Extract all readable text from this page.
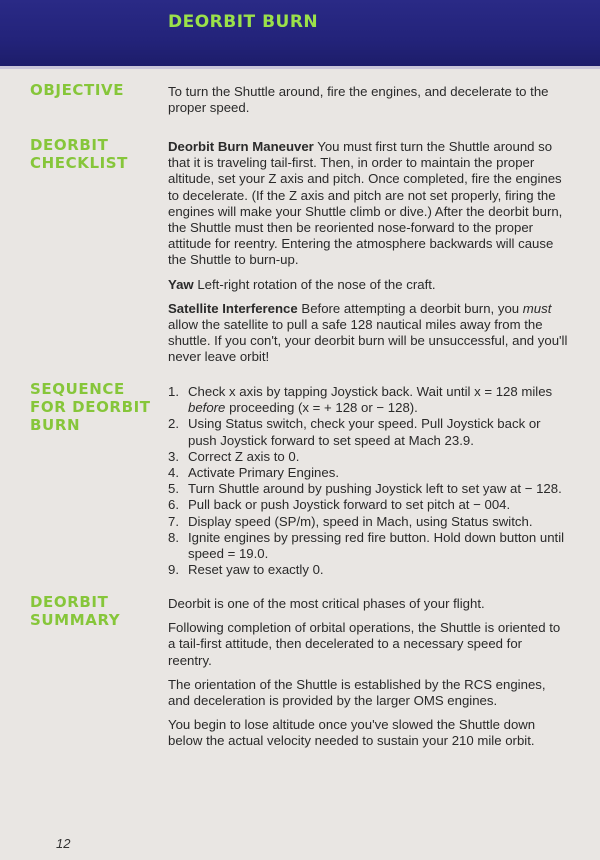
DEORBIT BURN
OBJECTIVE	To turn the Shuttle around, fire the engines, and decelerate to the proper speed.

DEORBIT
CHECKLIST

Deorbit Burn Maneuver You must first turn the Shuttle around so that it is traveling tail-first. Then, in order to maintain the proper altitude, set your Z axis and pitch. Once completed, fire the engines to decelerate. (If the Z axis and pitch are not set properly, firing the engines will make your Shuttle climb or dive.) After the deorbit burn, the Shuttle must then be reoriented nose-forward to the proper attitude for reentry. Entering the atmosphere backwards will cause the Shuttle to burn-up.

Yaw Left-right rotation of the nose of the craft.

Satellite Interference Before attempting a deorbit burn, you must allow the satellite to pull a safe 128 nautical miles away from the shuttle. If you con't, your deorbit burn will be unsuccessful, and you'll never leave orbit!

SEQUENCE
FOR DEORBIT
BURN
1. Check x axis by tapping Joystick back. Wait until x = 128 miles before proceeding (x = + 128 or − 128).
2. Using Status switch, check your speed. Pull Joystick back or push Joystick forward to set speed at Mach 23.9.
3. Correct Z axis to 0.
4. Activate Primary Engines.
5. Turn Shuttle around by pushing Joystick left to set yaw at − 128.
6. Pull back or push Joystick forward to set pitch at − 004.
7. Display speed (SP/m), speed in Mach, using Status switch.
8. Ignite engines by pressing red fire button. Hold down button until speed = 19.0.
9. Reset yaw to exactly 0.
DEORBIT
SUMMARY

Deorbit is one of the most critical phases of your flight.

Following completion of orbital operations, the Shuttle is oriented to a tail-first attitude, then decelerated to a necessary speed for reentry.

The orientation of the Shuttle is established by the RCS engines, and deceleration is provided by the larger OMS engines.

You begin to lose altitude once you've slowed the Shuttle down below the actual velocity needed to sustain your 210 mile orbit.

12
